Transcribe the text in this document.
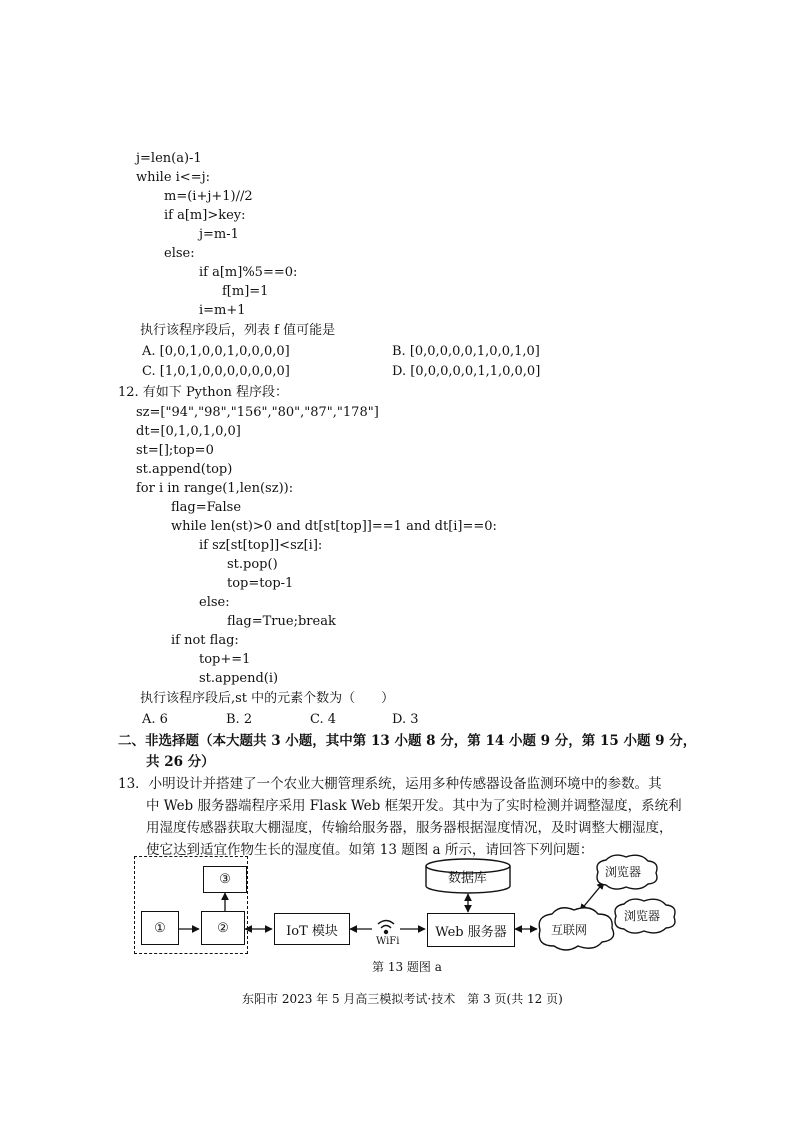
j=len(a)-1
while i<=j:
m=(i+j+1)//2
if a[m]>key:
j=m-1
else:
if a[m]%5==0:
f[m]=1
i=m+1
执行该程序段后，列表 f 值可能是
A. [0,0,1,0,0,1,0,0,0,0]	B. [0,0,0,0,0,1,0,0,1,0]
C. [1,0,1,0,0,0,0,0,0,0]	D. [0,0,0,0,0,1,1,0,0,0]
12. 有如下 Python 程序段：
sz=["94","98","156","80","87","178"]
dt=[0,1,0,1,0,0]
st=[];top=0
st.append(top)
for i in range(1,len(sz)):
flag=False
while len(st)>0 and dt[st[top]]==1 and dt[i]==0:
if sz[st[top]]<sz[i]:
st.pop()
top=top-1
else:
flag=True;break
if not flag:
top+=1
st.append(i)
执行该程序段后,st 中的元素个数为（　　）
A. 6	B. 2	C. 4	D. 3
二、非选择题（本大题共 3 小题，其中第 13 小题 8 分，第 14 小题 9 分，第 15 小题 9 分，
共 26 分）
13．小明设计并搭建了一个农业大棚管理系统，运用多种传感器设备监测环境中的参数。其
中 Web 服务器端程序采用 Flask Web 框架开发。其中为了实时检测并调整湿度，系统利
用湿度传感器获取大棚湿度，传输给服务器，服务器根据湿度情况，及时调整大棚湿度，
使它达到适宜作物生长的湿度值。如第 13 题图 a 所示，请回答下列问题：
③
①	②	IoT 模块	Web 服务器
WiFi
数据库
互联网
浏览器
浏览器
第 13 题图 a
东阳市 2023 年 5 月高三模拟考试·技术　第 3 页(共 12 页)
